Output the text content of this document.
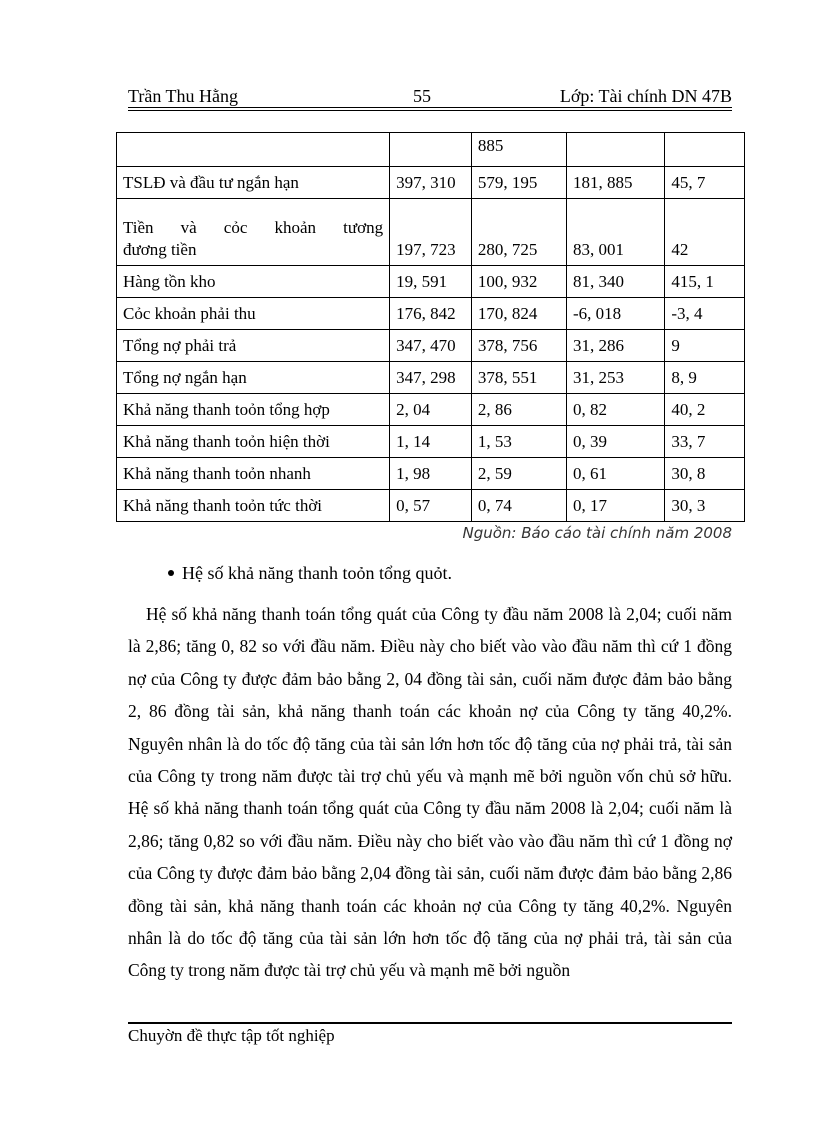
Trần Thu Hằng	55	Lớp: Tài chính DN 47B
		885		
TSLĐ và đầu tư ngắn hạn	397, 310	579, 195	181, 885	45, 7

Tiền và cỏc khoản tương
đương tiền	197, 723	280, 725	83, 001	42
Hàng tồn kho	19, 591	100, 932	81, 340	415, 1
Cỏc khoản phải thu	176, 842	170, 824	-6, 018	-3, 4
Tổng nợ phải trả	347, 470	378, 756	31, 286	9
Tổng nợ ngắn hạn	347, 298	378, 551	31, 253	8, 9
Khả năng thanh toỏn tổng hợp	2, 04	2, 86	0, 82	40, 2
Khả năng thanh toỏn hiện thời	1, 14	1, 53	0, 39	33, 7
Khả năng thanh toỏn nhanh	1, 98	2, 59	0, 61	30, 8
Khả năng thanh toỏn tức thời	0, 57	0, 74	0, 17	30, 3
Nguồn: Báo cáo tài chính năm 2008
Hệ số khả năng thanh toỏn tổng quỏt.
Hệ số khả năng thanh toán tổng quát của Công ty đầu năm 2008 là 2,04; cuối năm là 2,86; tăng 0, 82 so với đầu năm. Điều này cho biết vào vào đầu năm thì cứ 1 đồng nợ của Công ty được đảm bảo bằng 2, 04 đồng tài sản, cuối năm được đảm bảo bằng 2, 86 đồng tài sản, khả năng thanh toán các khoản nợ của Công ty tăng 40,2%. Nguyên nhân là do tốc độ tăng của tài sản lớn hơn tốc độ tăng của nợ phải trả, tài sản của Công ty trong năm được tài trợ chủ yếu và mạnh mẽ bởi nguồn vốn chủ sở hữu. Hệ số khả năng thanh toán tổng quát của Công ty đầu năm 2008 là 2,04; cuối năm là 2,86; tăng 0,82 so với đầu năm. Điều này cho biết vào vào đầu năm thì cứ 1 đồng nợ của Công ty được đảm bảo bằng 2,04 đồng tài sản, cuối năm được đảm bảo bằng 2,86 đồng tài sản, khả năng thanh toán các khoản nợ của Công ty tăng 40,2%. Nguyên nhân là do tốc độ tăng của tài sản lớn hơn tốc độ tăng của nợ phải trả, tài sản của Công ty trong năm được tài trợ chủ yếu và mạnh mẽ bởi nguồn
Chuyờn đề thực tập tốt nghiệp
